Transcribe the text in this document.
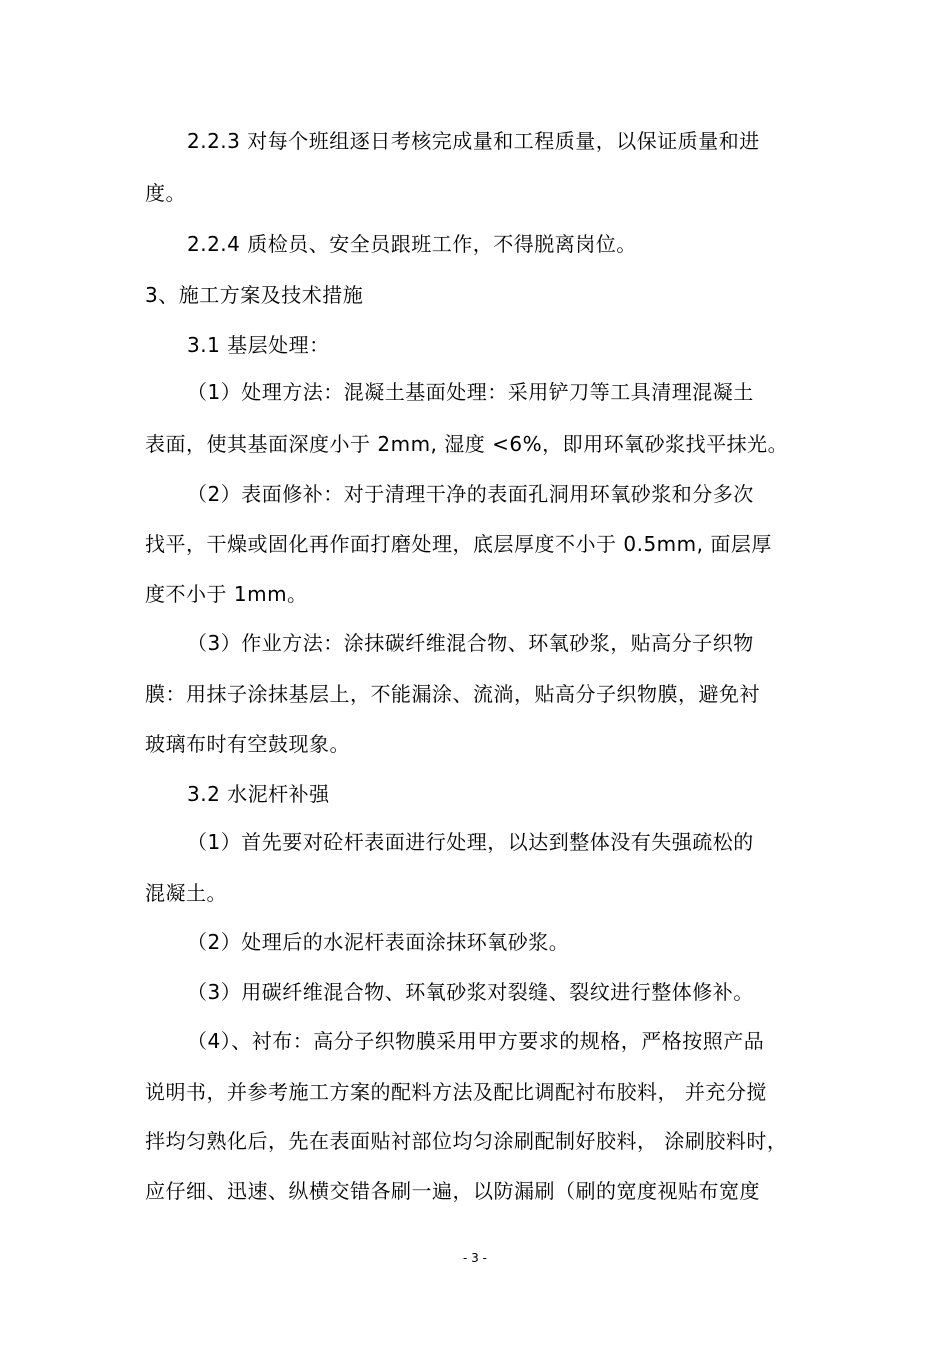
2.2.3 对每个班组逐日考核完成量和工程质量，以保证质量和进
度。
2.2.4 质检员、安全员跟班工作，不得脱离岗位。
3、施工方案及技术措施
3.1 基层处理：
（1）处理方法：混凝土基面处理：采用铲刀等工具清理混凝土
表面，使其基面深度小于 2mm, 湿度 <6%，即用环氧砂浆找平抹光。
（2）表面修补：对于清理干净的表面孔洞用环氧砂浆和分多次
找平，干燥或固化再作面打磨处理，底层厚度不小于 0.5mm, 面层厚
度不小于 1mm。
（3）作业方法：涂抹碳纤维混合物、环氧砂浆，贴高分子织物
膜：用抹子涂抹基层上，不能漏涂、流淌，贴高分子织物膜，避免衬
玻璃布时有空鼓现象。
3.2 水泥杆补强
（1）首先要对砼杆表面进行处理，以达到整体没有失强疏松的
混凝土。
（2）处理后的水泥杆表面涂抹环氧砂浆。
（3）用碳纤维混合物、环氧砂浆对裂缝、裂纹进行整体修补。
（4）、衬布：高分子织物膜采用甲方要求的规格，严格按照产品
说明书，并参考施工方案的配料方法及配比调配衬布胶料， 并充分搅
拌均匀熟化后，先在表面贴衬部位均匀涂刷配制好胶料， 涂刷胶料时，
应仔细、迅速、纵横交错各刷一遍，以防漏刷（刷的宽度视贴布宽度
- 3 -
